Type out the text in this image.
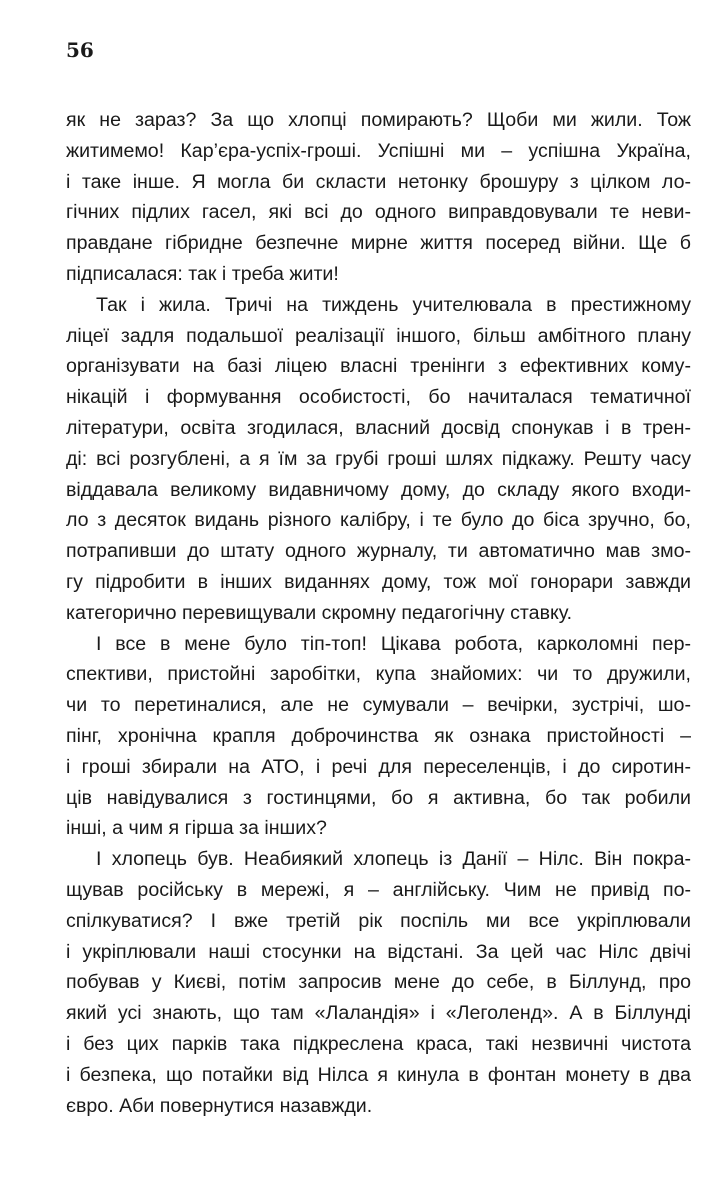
56
як не зараз? За що хлопці помирають? Щоби ми жили. Тож
житимемо! Кар’єра-успіх-гроші. Успішні ми – успішна Україна,
і таке інше. Я могла би скласти нетонку брошуру з цілком ло-
гічних підлих гасел, які всі до одного виправдовували те неви-
правдане гібридне безпечне мирне життя посеред війни. Ще б
підписалася: так і треба жити!
Так і жила. Тричі на тиждень учителювала в престижному
ліцеї задля подальшої реалізації іншого, більш амбітного плану
організувати на базі ліцею власні тренінги з ефективних кому-
нікацій і формування особистості, бо начиталася тематичної
літератури, освіта згодилася, власний досвід спонукав і в трен-
ді: всі розгублені, а я їм за грубі гроші шлях підкажу. Решту часу
віддавала великому видавничому дому, до складу якого входи-
ло з десяток видань різного калібру, і те було до біса зручно, бо,
потрапивши до штату одного журналу, ти автоматично мав змо-
гу підробити в інших виданнях дому, тож мої гонорари завжди
категорично перевищували скромну педагогічну ставку.
І все в мене було тіп-топ! Цікава робота, карколомні пер-
спективи, пристойні заробітки, купа знайомих: чи то дружили,
чи то перетиналися, але не сумували – вечірки, зустрічі, шо-
пінг, хронічна крапля доброчинства як ознака пристойності –
і гроші збирали на АТО, і речі для переселенців, і до сиротин-
ців навідувалися з гостинцями, бо я активна, бо так робили
інші, а чим я гірша за інших?
І хлопець був. Неабиякий хлопець із Данії – Нілс. Він покра-
щував російську в мережі, я – англійську. Чим не привід по-
спілкуватися? І вже третій рік поспіль ми все укріплювали
і укріплювали наші стосунки на відстані. За цей час Нілс двічі
побував у Києві, потім запросив мене до себе, в Біллунд, про
який усі знають, що там «Лаландія» і «Леголенд». А в Біллунді
і без цих парків така підкреслена краса, такі незвичні чистота
і безпека, що потайки від Нілса я кинула в фонтан монету в два
євро. Аби повернутися назавжди.
